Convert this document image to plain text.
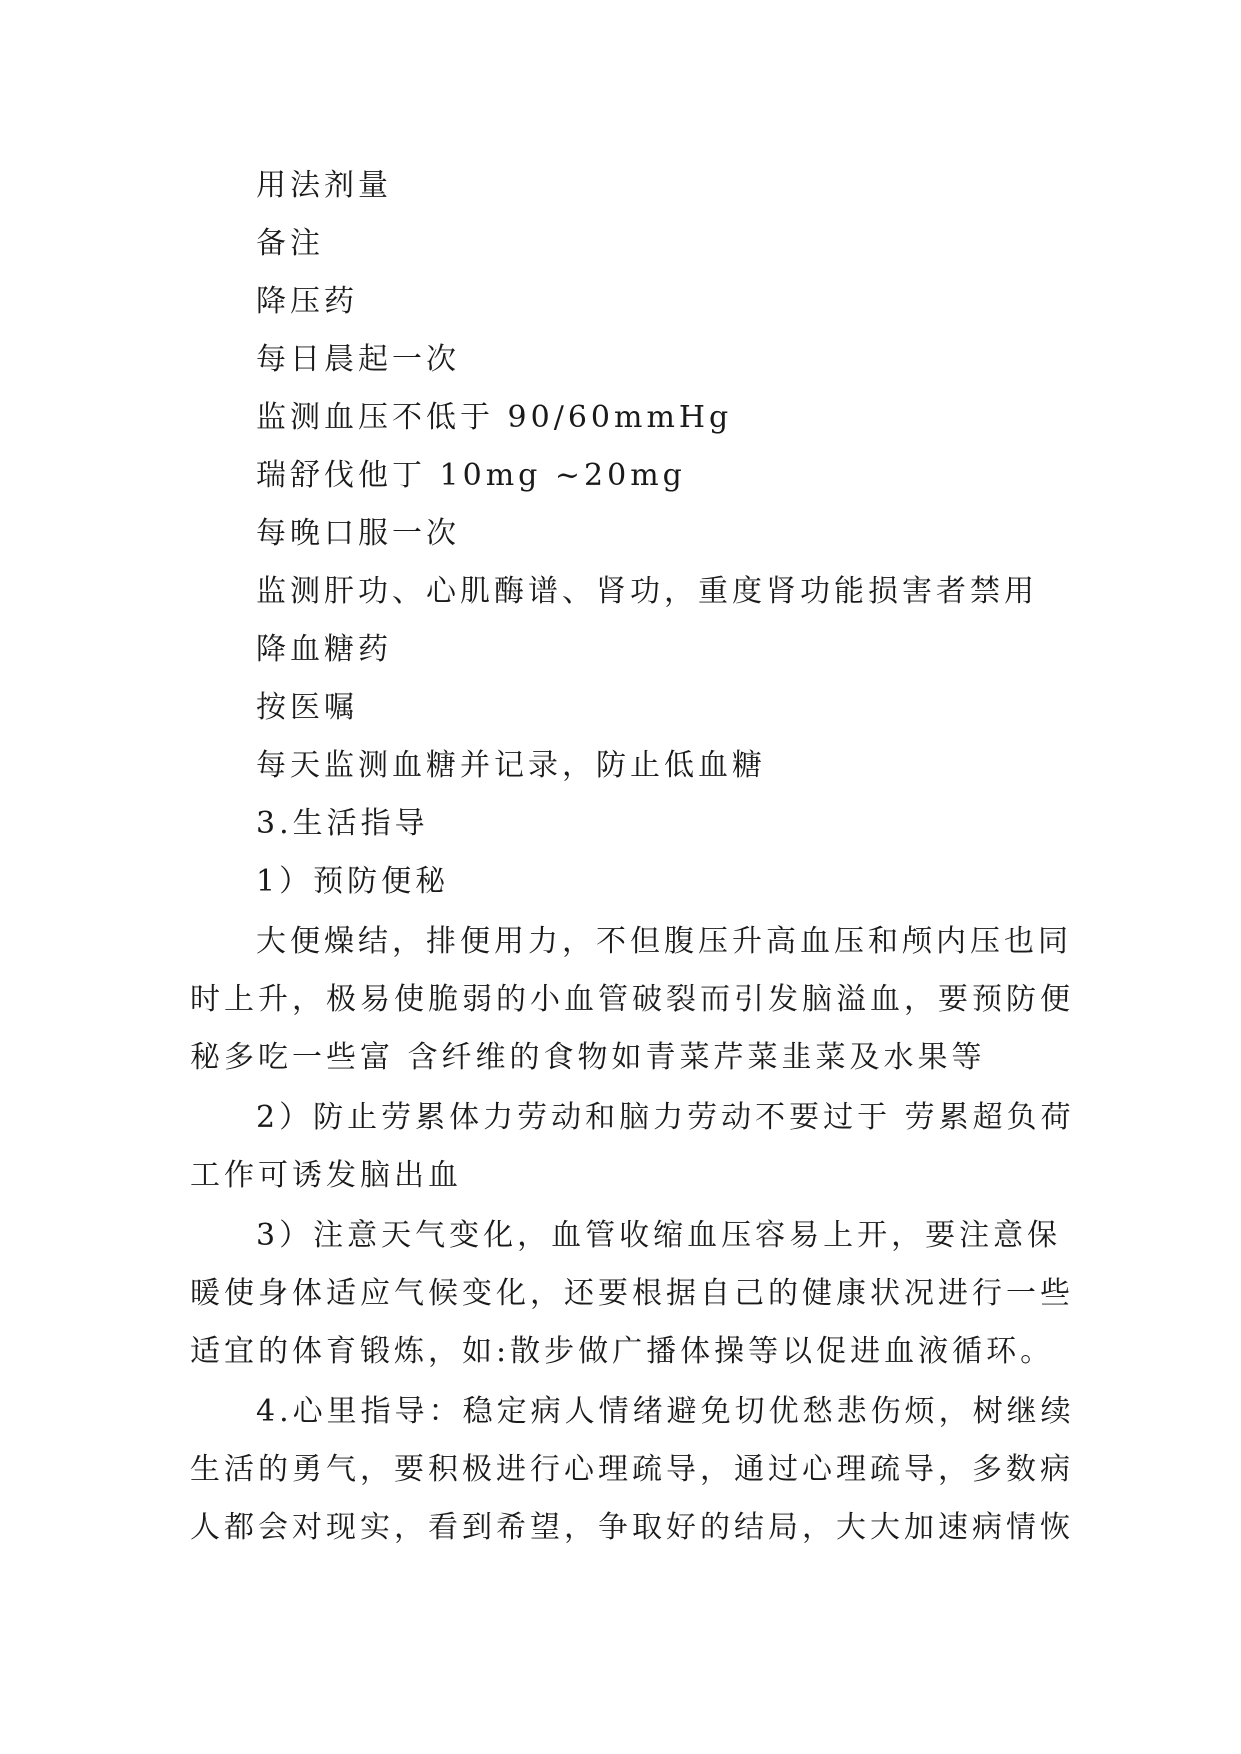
用法剂量
备注
降压药
每日晨起一次
监测血压不低于 90/60mmHg
瑞舒伐他丁 10mg ~20mg
每晚口服一次
监测肝功、心肌酶谱、肾功，重度肾功能损害者禁用
降血糖药
按医嘱
每天监测血糖并记录，防止低血糖
3.生活指导
1）预防便秘
大便燥结，排便用力，不但腹压升高血压和颅内压也同
时上升，极易使脆弱的小血管破裂而引发脑溢血，要预防便
秘多吃一些富 含纤维的食物如青菜芹菜韭菜及水果等
2）防止劳累体力劳动和脑力劳动不要过于 劳累超负荷
工作可诱发脑出血
3）注意天气变化，血管收缩血压容易上开，要注意保
暖使身体适应气候变化，还要根据自己的健康状况进行一些
适宜的体育锻炼，如:散步做广播体操等以促进血液循环。
4.心里指导：稳定病人情绪避免切优愁悲伤烦，树继续
生活的勇气，要积极进行心理疏导，通过心理疏导，多数病
人都会对现实，看到希望，争取好的结局，大大加速病情恢
